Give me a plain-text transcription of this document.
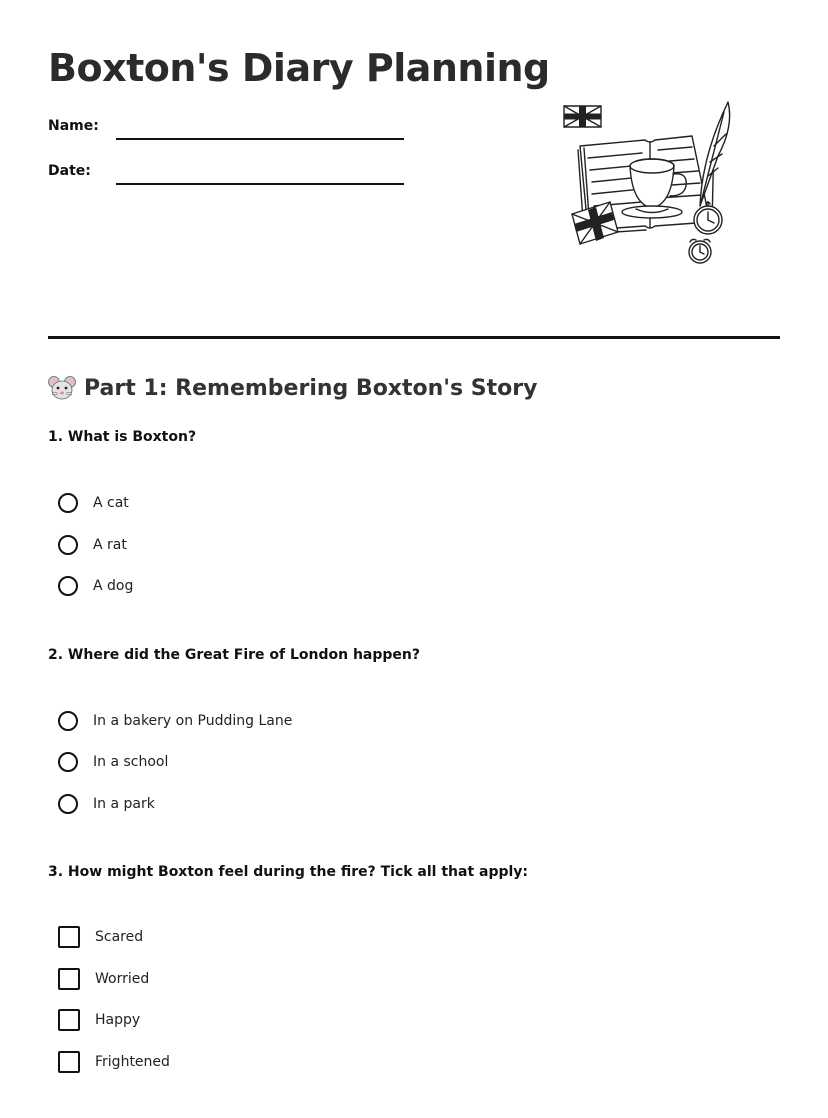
Boxton's Diary Planning
Name:
Date:
Part 1: Remembering Boxton's Story
1. What is Boxton?
A cat
A rat
A dog
2. Where did the Great Fire of London happen?
In a bakery on Pudding Lane
In a school
In a park
3. How might Boxton feel during the fire? Tick all that apply:
Scared
Worried
Happy
Frightened
